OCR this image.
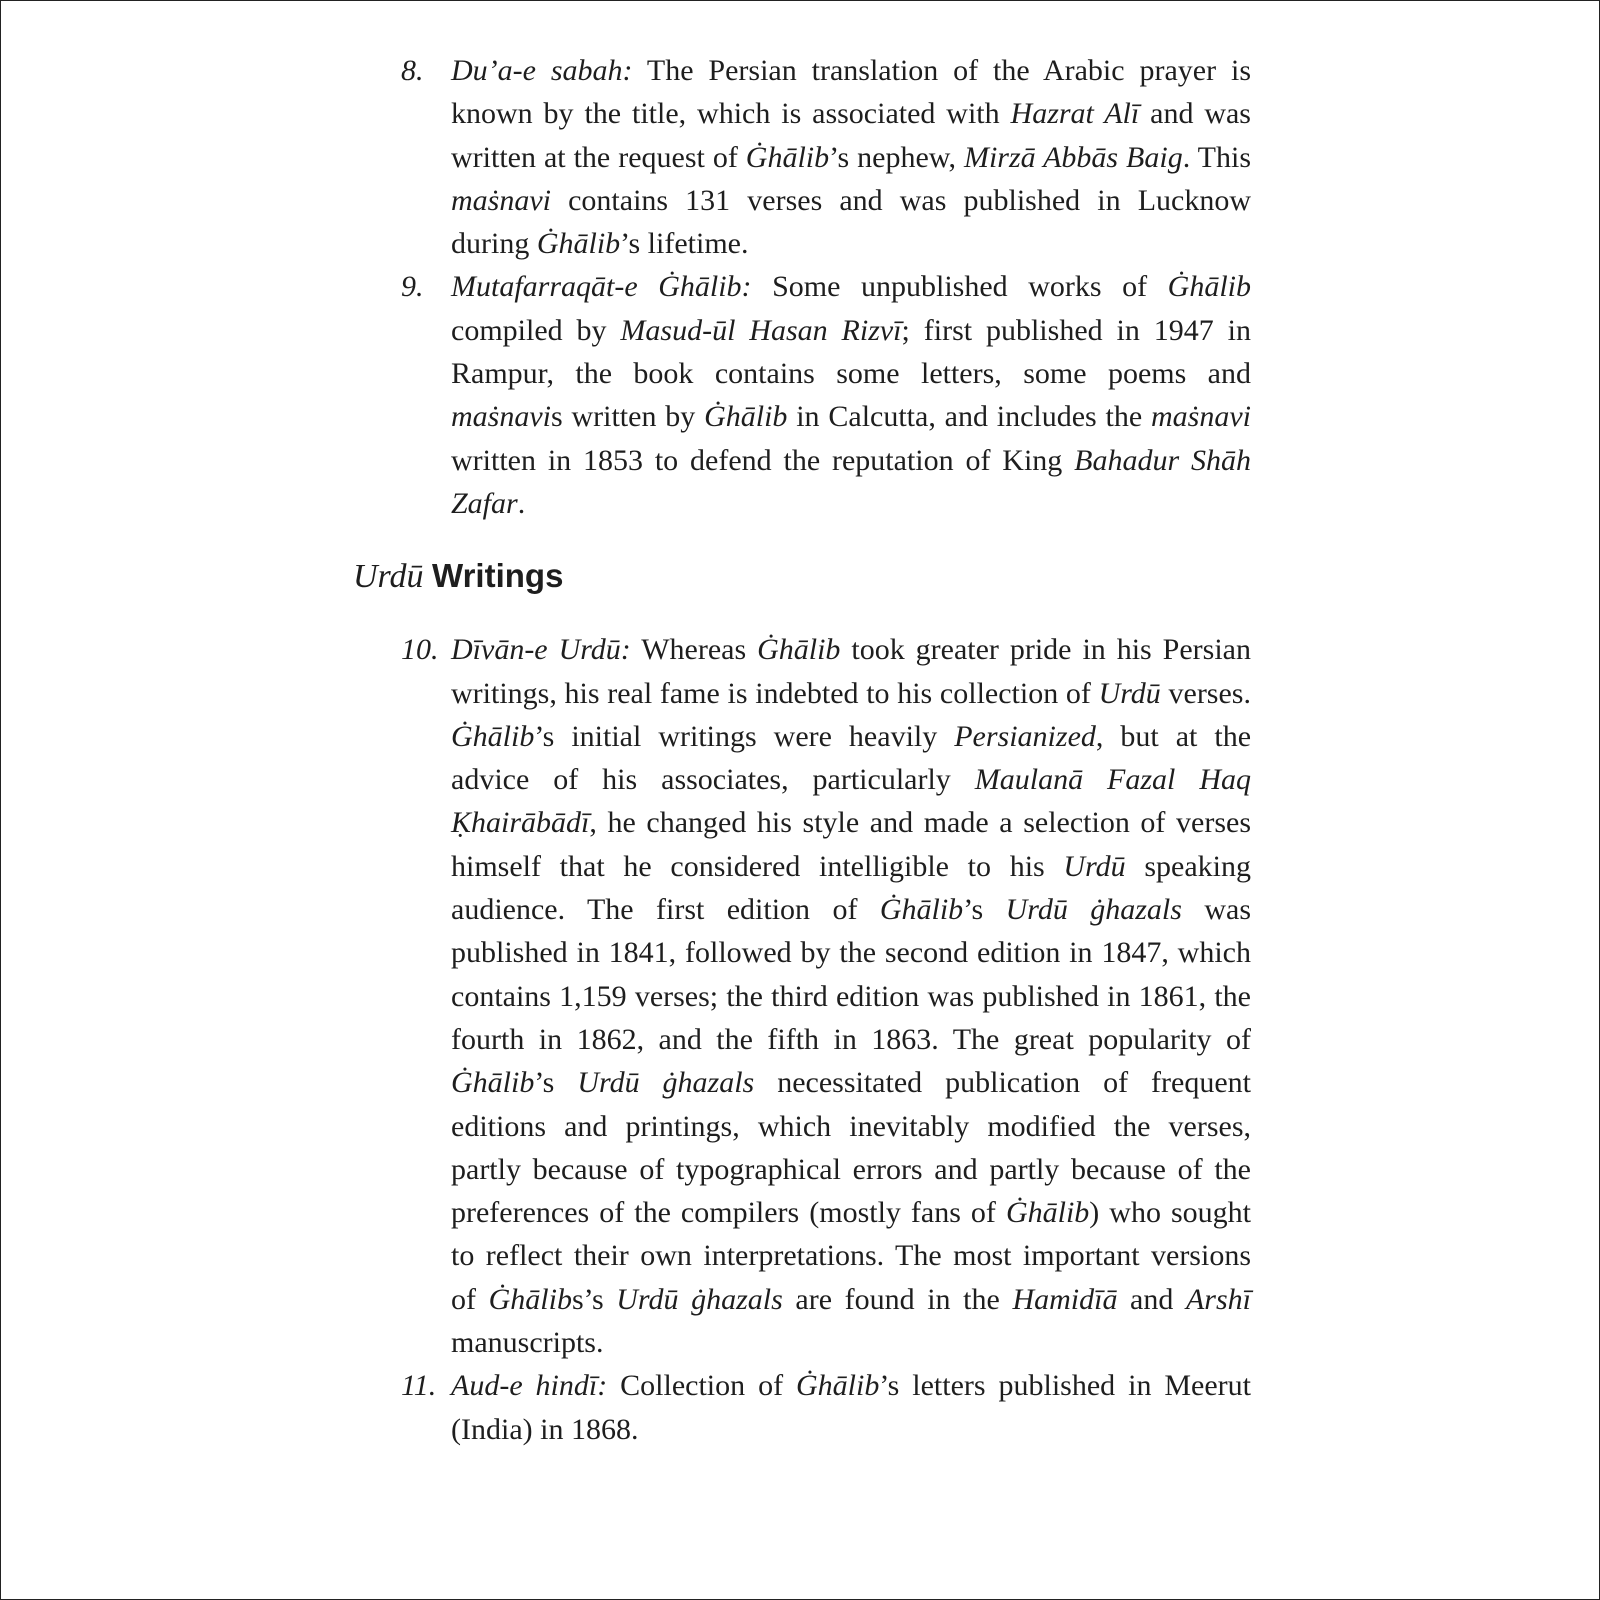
8. Du’a-e sabah: The Persian translation of the Arabic prayer is known by the title, which is associated with Hazrat Alī and was written at the request of Ġhālib’s nephew, Mirzā Abbās Baig. This maṡnavi contains 131 verses and was published in Lucknow during Ġhālib’s lifetime.

9. Mutafarraqāt-e Ġhālib: Some unpublished works of Ġhālib compiled by Masud-ūl Hasan Rizvī; first published in 1947 in Rampur, the book contains some letters, some poems and maṡnavis written by Ġhālib in Calcutta, and includes the maṡnavi written in 1853 to defend the reputation of King Bahadur Shāh Zafar.

Urdū Writings
10. Dīvān-e Urdū: Whereas Ġhālib took greater pride in his Persian writings, his real fame is indebted to his collection of Urdū verses. Ġhālib’s initial writings were heavily Persianized, but at the advice of his associates, particularly Maulanā Fazal Haq Ḳhairābādī, he changed his style and made a selection of verses himself that he considered intelligible to his Urdū speaking audience. The first edition of Ġhālib’s Urdū ġhazals was published in 1841, followed by the second edition in 1847, which contains 1,159 verses; the third edition was published in 1861, the fourth in 1862, and the fifth in 1863. The great popularity of Ġhālib’s Urdū ġhazals necessitated publication of frequent editions and printings, which inevitably modified the verses, partly because of typographical errors and partly because of the preferences of the compilers (mostly fans of Ġhālib) who sought to reflect their own interpretations. The most important versions of Ġhālibs’s Urdū ġhazals are found in the Hamidīā and Arshī manuscripts.

11. Aud-e hindī: Collection of Ġhālib’s letters published in Meerut (India) in 1868.
